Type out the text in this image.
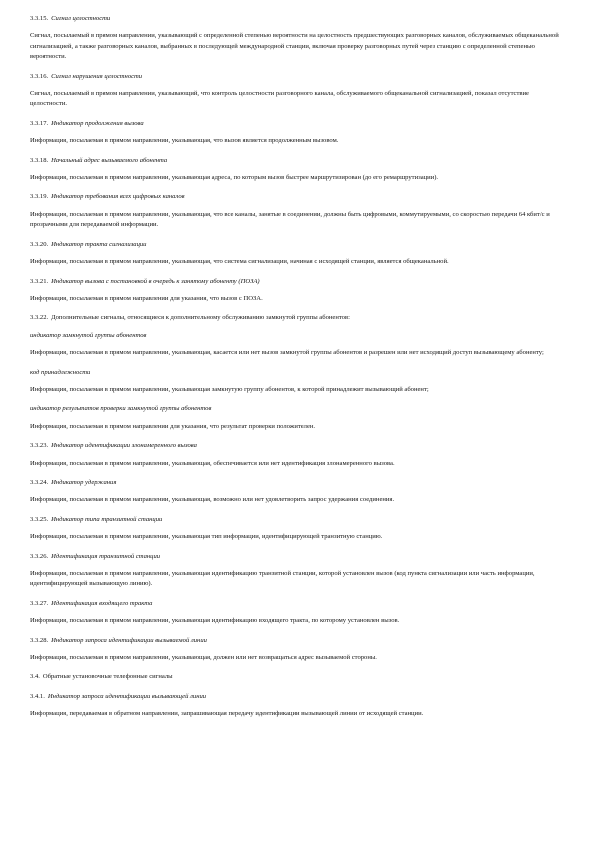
3.3.15. Сигнал целостности

Сигнал, посылаемый в прямом направлении, указывающий с определенной степенью вероятности на целостность предшествующих разговорных каналов, обслуживаемых общеканальной сигнализацией, а также разговорных каналов, выбранных в последующей международной станции, включая проверку разговорных путей через станцию с определенной степенью вероятности.

3.3.16. Сигнал нарушения целостности

Сигнал, посылаемый в прямом направлении, указывающий, что контроль целостности разговорного канала, обслуживаемого общеканальной сигнализацией, показал отсутствие целостности.

3.3.17. Индикатор продолжения вызова

Информация, посылаемая в прямом направлении, указывающая, что вызов является продолженным вызовом.

3.3.18. Начальный адрес вызываемого абонента

Информация, посылаемая в прямом направлении, указывающая адреса, по которым вызов быстрее маршрутизирован (до его ремаршрутизации).

3.3.19. Индикатор требования всех цифровых каналов

Информация, посылаемая в прямом направлении, указывающая, что все каналы, занятые в соединении, должны быть цифровыми, коммутируемыми, со скоростью передачи 64 кбит/с и прозрачными для передаваемой информации.

3.3.20. Индикатор тракта сигнализации

Информация, посылаемая в прямом направлении, указывающая, что система сигнализации, начиная с исходящей станции, является общеканальной.

3.3.21. Индикатор вызова с постановкой в очередь к занятому абоненту (ПОЗА)

Информация, посылаемая в прямом направлении для указания, что вызов с ПОЗА.

3.3.22. Дополнительные сигналы, относящиеся к дополнительному обслуживанию замкнутой группы абонентов:

индикатор замкнутой группы абонентов

Информация, посылаемая в прямом направлении, указывающая, касается или нет вызов замкнутой группы абонентов и разрешен или нет исходящий доступ вызывающему абоненту;

код принадлежности

Информация, посылаемая в прямом направлении, указывающая замкнутую группу абонентов, к которой принадлежит вызывающий абонент;

индикатор результатов проверки замкнутой группы абонентов

Информация, посылаемая в прямом направлении для указания, что результат проверки положителен.

3.3.23. Индикатор идентификации злонамеренного вызова

Информация, посылаемая в прямом направлении, указывающая, обеспечивается или нет идентификация злонамеренного вызова.

3.3.24. Индикатор удержания

Информация, посылаемая в прямом направлении, указывающая, возможно или нет удовлетворить запрос удержания соединения.

3.3.25. Индикатор типа транзитной станции

Информация, посылаемая в прямом направлении, указывающая тип информации, идентифицирующей транзитную станцию.

3.3.26. Идентификация транзитной станции

Информация, посылаемая в прямом направлении, указывающая идентификацию транзитной станции, которой установлен вызов (код пункта сигнализации или часть информации, идентифицирующей вызывающую линию).

3.3.27. Идентификация входящего тракта

Информация, посылаемая в прямом направлении, указывающая идентификацию входящего тракта, по которому установлен вызов.

3.3.28. Индикатор запроса идентификации вызываемой линии

Информация, посылаемая в прямом направлении, указывающая, должен или нет возвращаться адрес вызываемой стороны.

3.4. Обратные установочные телефонные сигналы

3.4.1. Индикатор запроса идентификации вызывающей линии

Информация, передаваемая в обратном направлении, запрашивающая передачу идентификации вызывающей линии от исходящей станции.
